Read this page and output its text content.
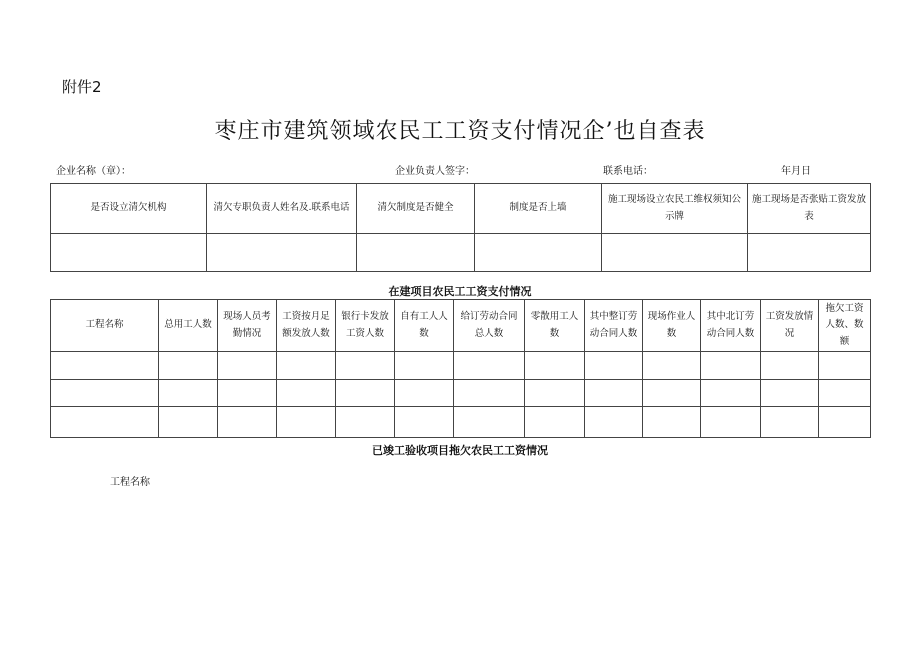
附件2
枣庄市建筑领域农民工工资支付情况企’也自查表
企业名称（章）：	企业负责人签字：	联系电话：	年月日
是否设立清欠机构	清欠专职负责人姓名及.联系电话	清欠制度是否健全	制度是否上墙	施工现场设立农民工维权须知公示牌	施工现场是否张贴工资发放表

在建项目农民工工资支付情况
工程名称	总用工人数	现场人员考勤情况	工资按月足额发放人数	银行卡发放工资人数	自有工人人数	给订劳动合同总人数	零散用工人数	其中整订劳动合同人数	现场作业人数	其中北订劳动合同人数	工资发放情况	拖欠工资人数、数额

已竣工验收项目拖欠农民工工资情况
工程名称
